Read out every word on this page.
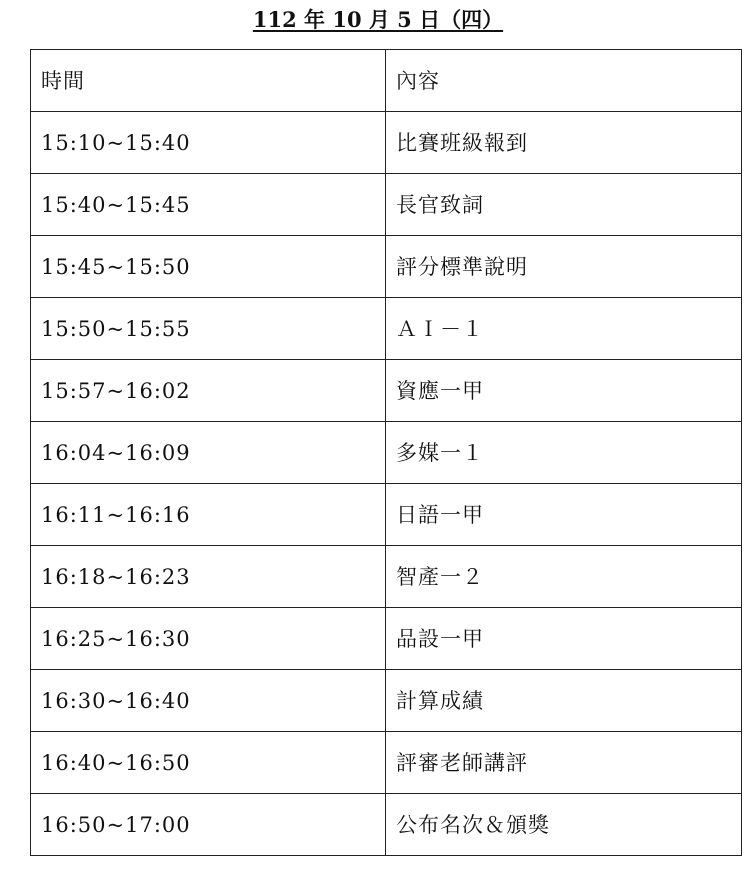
112 年 10 月 5 日（四）
時間	內容
15:10~15:40	比賽班級報到
15:40~15:45	長官致詞
15:45~15:50	評分標準說明
15:50~15:55	ＡＩ－１
15:57~16:02	資應一甲
16:04~16:09	多媒一１
16:11~16:16	日語一甲
16:18~16:23	智產一２
16:25~16:30	品設一甲
16:30~16:40	計算成績
16:40~16:50	評審老師講評
16:50~17:00	公布名次＆頒獎
